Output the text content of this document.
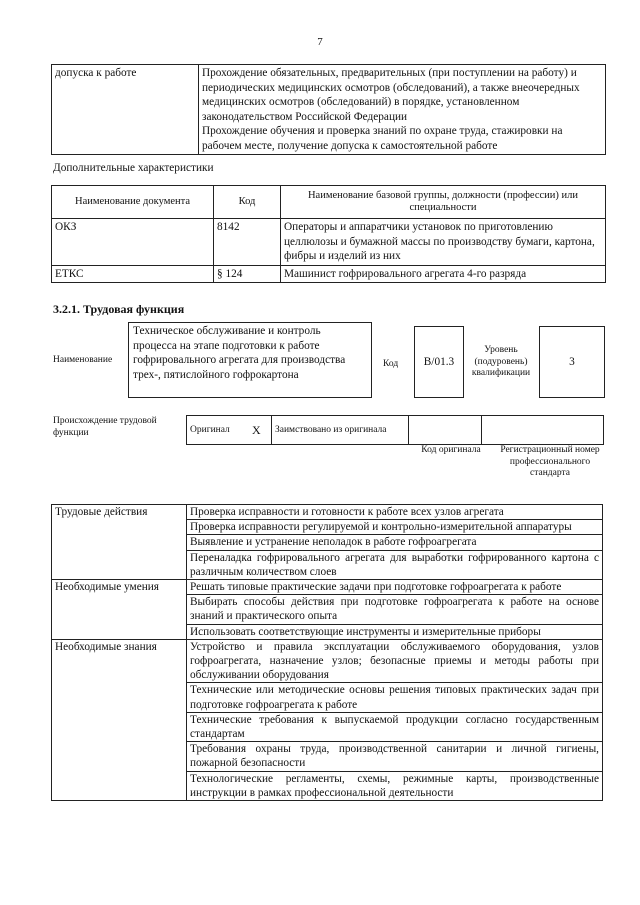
7
допуска к работе	Прохождение обязательных, предварительных (при поступлении на работу) и периодических медицинских осмотров (обследований), а также внеочередных медицинских осмотров (обследований) в порядке, установленном законодательством Российской Федерации
Прохождение обучения и проверка знаний по охране труда, стажировки на рабочем месте, получение допуска к самостоятельной работе
Дополнительные характеристики
Наименование документа	Код	Наименование базовой группы, должности (профессии) или специальности
ОКЗ	8142	Операторы и аппаратчики установок по приготовлению целлюлозы и бумажной массы по производству бумаги, картона, фибры и изделий из них
ЕТКС	§ 124	Машинист гофрировального агрегата 4-го разряда
3.2.1. Трудовая функция
Наименование
Техническое обслуживание и контроль процесса на этапе подготовки к работе гофрировального агрегата для производства трех-, пятислойного гофрокартона
Код	B/01.3
Уровень (подуровень) квалификации
3
Происхождение трудовой функции	Оригинал	X	Заимствовано из оригинала		
Код оригинала	Регистрационный номер профессионального стандарта
Трудовые действия	Проверка исправности и готовности к работе всех узлов агрегата
	Проверка исправности регулируемой и контрольно-измерительной аппаратуры
	Выявление и устранение неполадок в работе гофроагрегата
	Переналадка гофрировального агрегата для выработки гофрированного картона с различным количеством слоев
Необходимые умения	Решать типовые практические задачи при подготовке гофроагрегата к работе
	Выбирать способы действия при подготовке гофроагрегата к работе на основе знаний и практического опыта
	Использовать соответствующие инструменты и измерительные приборы
Необходимые знания	Устройство и правила эксплуатации обслуживаемого оборудования, узлов гофроагрегата, назначение узлов; безопасные приемы и методы работы при обслуживании оборудования
	Технические или методические основы решения типовых практических задач при подготовке гофроагрегата к работе
	Технические требования к выпускаемой продукции согласно государственным стандартам
	Требования охраны труда, производственной санитарии и личной гигиены, пожарной безопасности
	Технологические регламенты, схемы, режимные карты, производственные инструкции в рамках профессиональной деятельности
